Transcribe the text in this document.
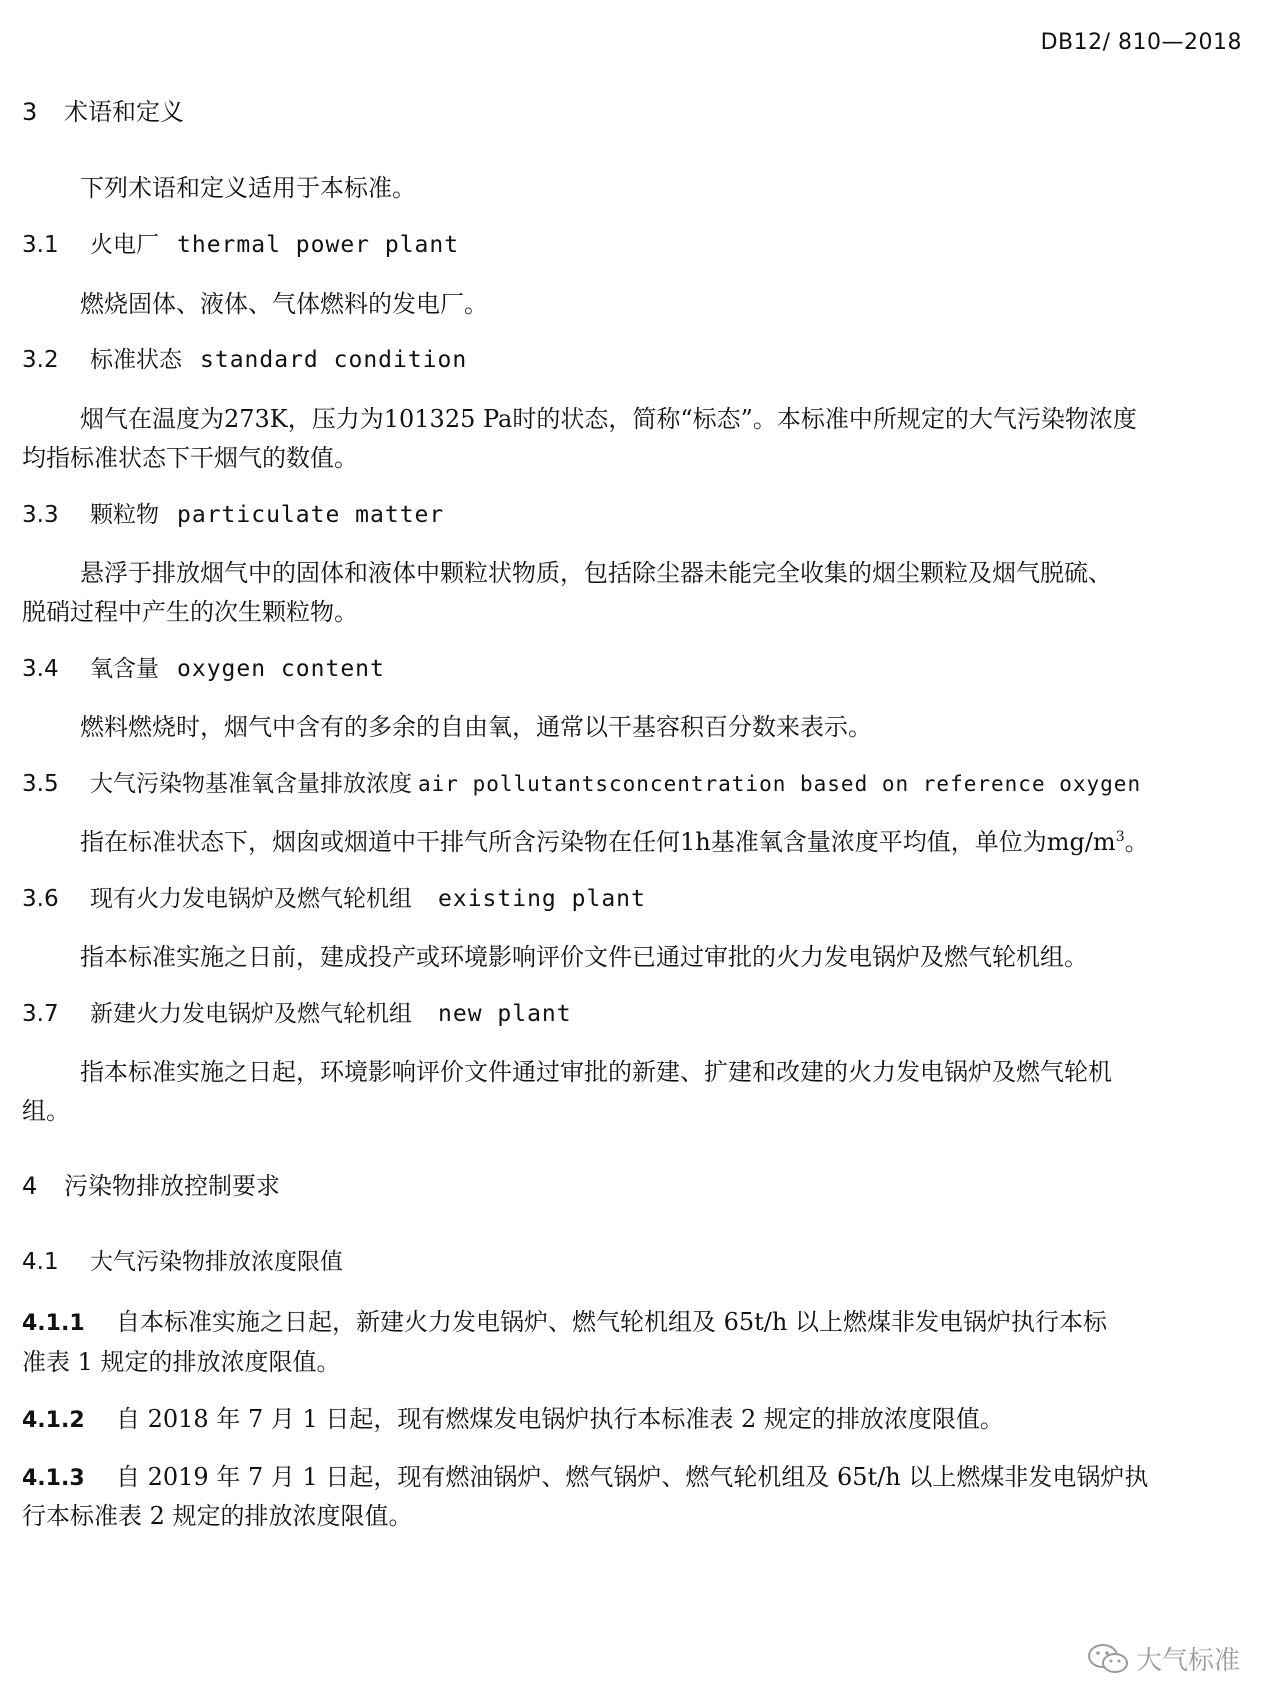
DB12/ 810—2018
3 术语和定义
下列术语和定义适用于本标准。
3.1 火电厂 thermal power plant
燃烧固体、液体、气体燃料的发电厂。
3.2 标准状态 standard condition
烟气在温度为273K，压力为101325 Pa时的状态，简称“标态”。本标准中所规定的大气污染物浓度
均指标准状态下干烟气的数值。
3.3 颗粒物 particulate matter
悬浮于排放烟气中的固体和液体中颗粒状物质，包括除尘器未能完全收集的烟尘颗粒及烟气脱硫、
脱硝过程中产生的次生颗粒物。
3.4 氧含量 oxygen content
燃料燃烧时，烟气中含有的多余的自由氧，通常以干基容积百分数来表示。
3.5 大气污染物基准氧含量排放浓度 air pollutantsconcentration based on reference oxygen
指在标准状态下，烟囱或烟道中干排气所含污染物在任何1h基准氧含量浓度平均值，单位为$mg/m^3$。
3.6 现有火力发电锅炉及燃气轮机组 existing plant
指本标准实施之日前，建成投产或环境影响评价文件已通过审批的火力发电锅炉及燃气轮机组。
3.7 新建火力发电锅炉及燃气轮机组 new plant
指本标准实施之日起，环境影响评价文件通过审批的新建、扩建和改建的火力发电锅炉及燃气轮机
组。
4 污染物排放控制要求
4.1 大气污染物排放浓度限值
4.1.1 自本标准实施之日起，新建火力发电锅炉、燃气轮机组及 65t/h 以上燃煤非发电锅炉执行本标
准表 1 规定的排放浓度限值。
4.1.2 自 2018 年 7 月 1 日起，现有燃煤发电锅炉执行本标准表 2 规定的排放浓度限值。
4.1.3 自 2019 年 7 月 1 日起，现有燃油锅炉、燃气锅炉、燃气轮机组及 65t/h 以上燃煤非发电锅炉执
行本标准表 2 规定的排放浓度限值。
大气标准
